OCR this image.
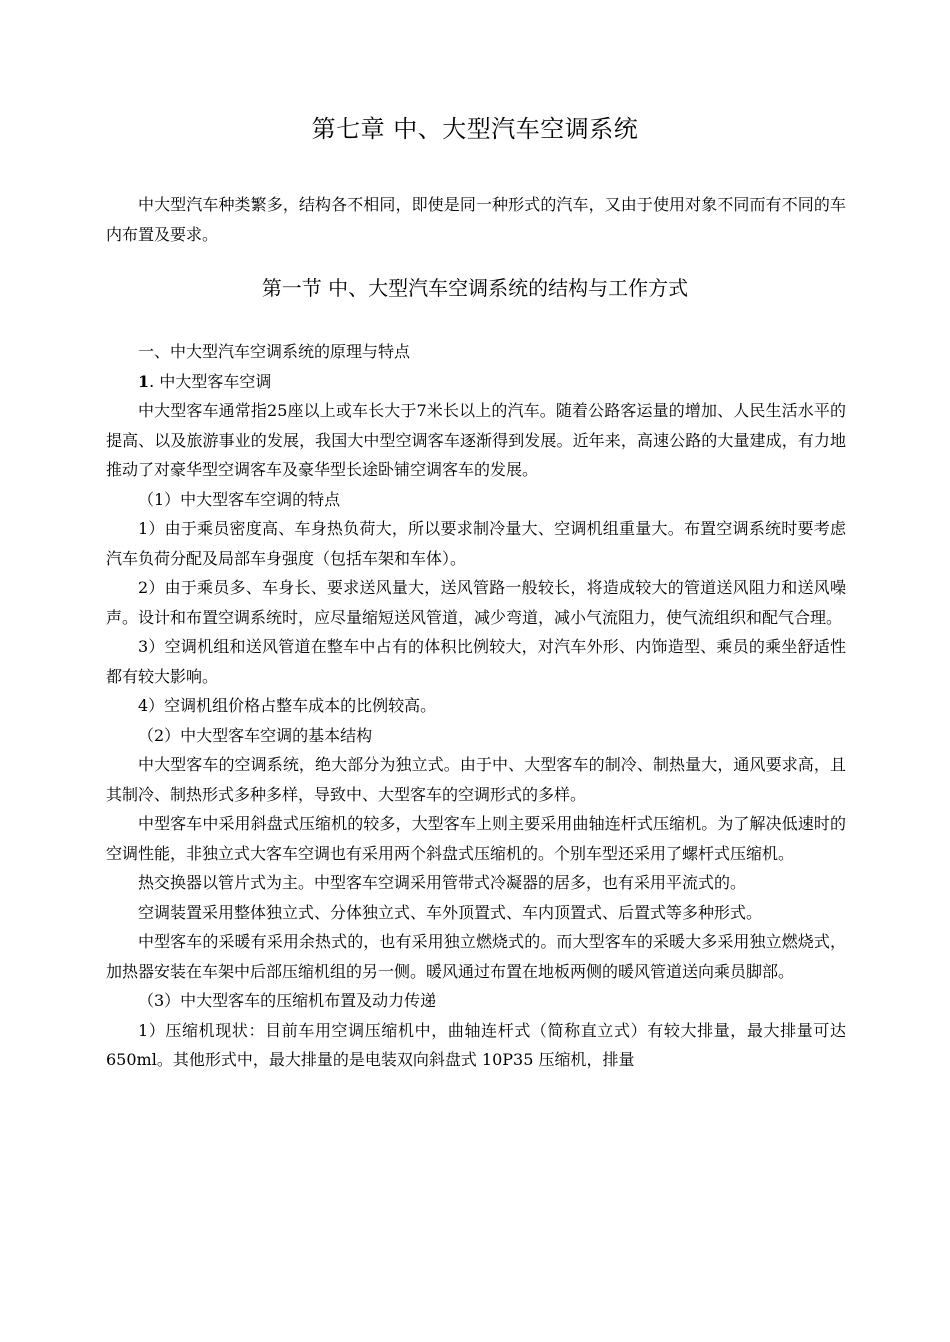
第七章 中、大型汽车空调系统

中大型汽车种类繁多，结构各不相同，即使是同一种形式的汽车，又由于使用对象不同而有不同的车内布置及要求。

第一节 中、大型汽车空调系统的结构与工作方式

一、中大型汽车空调系统的原理与特点

1. 中大型客车空调

中大型客车通常指25座以上或车长大于7米长以上的汽车。随着公路客运量的增加、人民生活水平的提高、以及旅游事业的发展，我国大中型空调客车逐渐得到发展。近年来，高速公路的大量建成，有力地推动了对豪华型空调客车及豪华型长途卧铺空调客车的发展。

（1）中大型客车空调的特点

1）由于乘员密度高、车身热负荷大，所以要求制冷量大、空调机组重量大。布置空调系统时要考虑汽车负荷分配及局部车身强度（包括车架和车体）。

2）由于乘员多、车身长、要求送风量大，送风管路一般较长，将造成较大的管道送风阻力和送风噪声。设计和布置空调系统时，应尽量缩短送风管道，减少弯道，减小气流阻力，使气流组织和配气合理。

3）空调机组和送风管道在整车中占有的体积比例较大，对汽车外形、内饰造型、乘员的乘坐舒适性都有较大影响。

4）空调机组价格占整车成本的比例较高。

（2）中大型客车空调的基本结构

中大型客车的空调系统，绝大部分为独立式。由于中、大型客车的制冷、制热量大，通风要求高，且其制冷、制热形式多种多样，导致中、大型客车的空调形式的多样。

中型客车中采用斜盘式压缩机的较多，大型客车上则主要采用曲轴连杆式压缩机。为了解决低速时的空调性能，非独立式大客车空调也有采用两个斜盘式压缩机的。个别车型还采用了螺杆式压缩机。

热交换器以管片式为主。中型客车空调采用管带式冷凝器的居多，也有采用平流式的。

空调装置采用整体独立式、分体独立式、车外顶置式、车内顶置式、后置式等多种形式。

中型客车的采暖有采用余热式的，也有采用独立燃烧式的。而大型客车的采暖大多采用独立燃烧式，加热器安装在车架中后部压缩机组的另一侧。暖风通过布置在地板两侧的暖风管道送向乘员脚部。

（3）中大型客车的压缩机布置及动力传递

1）压缩机现状：目前车用空调压缩机中，曲轴连杆式（简称直立式）有较大排量，最大排量可达 650ml。其他形式中，最大排量的是电装双向斜盘式 10P35 压缩机，排量
